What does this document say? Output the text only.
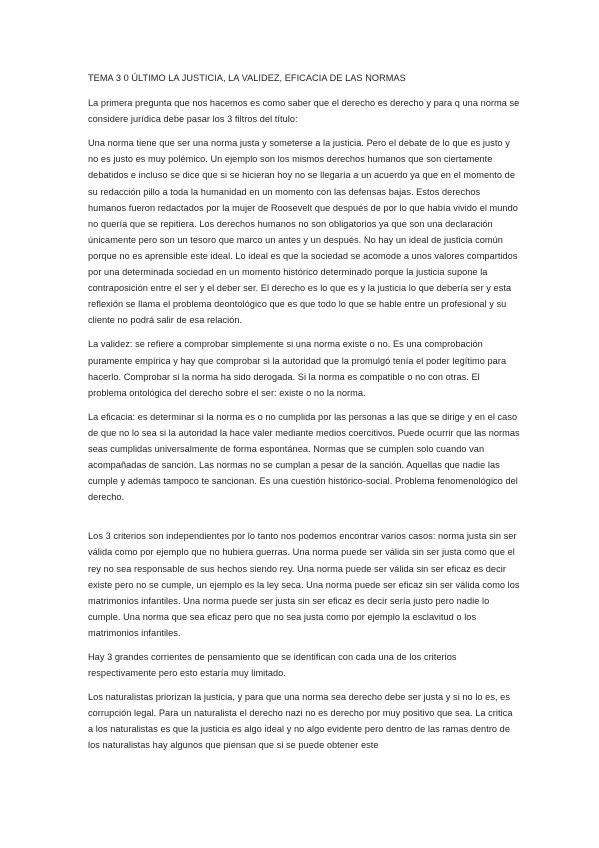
TEMA 3 0 ÚLTIMO LA JUSTICIA, LA VALIDEZ, EFICACIA DE LAS NORMAS

La primera pregunta que nos hacemos es como saber que el derecho es derecho y para q una norma se considere jurídica debe pasar los 3 filtros del título:

Una norma tiene que ser una norma justa y someterse a la justicia. Pero el debate de lo que es justo y no es justo es muy polémico. Un ejemplo son los mismos derechos humanos que son ciertamente debatidos e incluso se dice que si se hicieran hoy no se llegaría a un acuerdo ya que en el momento de su redacción pillo a toda la humanidad en un momento con las defensas bajas. Estos derechos humanos fueron redactados por la mujer de Roosevelt que después de por lo que había vivido el mundo no quería que se repitiera. Los derechos humanos no son obligatorios ya que son una declaración únicamente pero son un tesoro que marco un antes y un después. No hay un ideal de justicia común porque no es aprensible este ideal. Lo ideal es que la sociedad se acomode a unos valores compartidos por una determinada sociedad en un momento histórico determinado porque la justicia supone la contraposición entre el ser y el deber ser. El derecho es lo que es y la justicia lo que debería ser y esta reflexión se llama el problema deontológico que es que todo lo que se hable entre un profesional y su cliente no podrá salir de esa relación.

La validez: se refiere a comprobar simplemente si una norma existe o no. Es una comprobación puramente empírica y hay que comprobar si la autoridad que la promulgó tenía el poder legítimo para hacerlo. Comprobar si la norma ha sido derogada. Si la norma es compatible o no con otras. El problema ontológica del derecho sobre el ser: existe o no la norma.

La eficacia: es determinar si la norma es o no cumplida por las personas a las que se dirige y en el caso de que no lo sea si la autoridad la hace valer mediante medios coercitivos. Puede ocurrir que las normas seas cumplidas universalmente de forma espontánea. Normas que se cumplen solo cuando van acompañadas de sanción. Las normas no se cumplan a pesar de la sanción. Aquellas que nadie las cumple y además tampoco te sancionan. Es una cuestión histórico-social. Problema fenomenológico del derecho.

Los 3 criterios son independientes por lo tanto nos podemos encontrar varios casos: norma justa sin ser válida como por ejemplo que no hubiera guerras. Una norma puede ser válida sin ser justa como que el rey no sea responsable de sus hechos siendo rey. Una norma puede ser válida sin ser eficaz es decir existe pero no se cumple, un ejemplo es la ley seca. Una norma puede ser eficaz sin ser válida como los matrimonios infantiles. Una norma puede ser justa sin ser eficaz es decir sería justo pero nadie lo cumple. Una norma que sea eficaz pero que no sea justa como por ejemplo la esclavitud o los matrimonios infantiles.

Hay 3 grandes corrientes de pensamiento que se identifican con cada una de los criterios respectivamente pero esto estaría muy limitado.

Los naturalistas priorizan la justicia, y para que una norma sea derecho debe ser justa y si no lo es, es corrupción legal. Para un naturalista el derecho nazi no es derecho por muy positivo que sea. La critica a los naturalistas es que la justicia es algo ideal y no algo evidente pero dentro de las ramas dentro de los naturalistas hay algunos que piensan que si se puede obtener este
